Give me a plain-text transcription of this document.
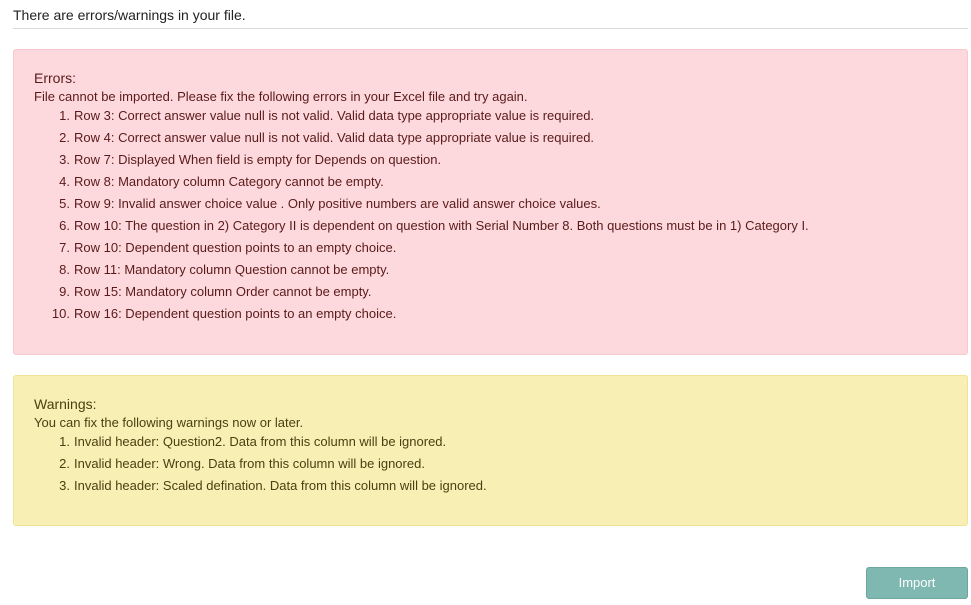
There are errors/warnings in your file.
Errors:
File cannot be imported. Please fix the following errors in your Excel file and try again.
1. Row 3: Correct answer value null is not valid. Valid data type appropriate value is required.
2. Row 4: Correct answer value null is not valid. Valid data type appropriate value is required.
3. Row 7: Displayed When field is empty for Depends on question.
4. Row 8: Mandatory column Category cannot be empty.
5. Row 9: Invalid answer choice value . Only positive numbers are valid answer choice values.
6. Row 10: The question in 2) Category II is dependent on question with Serial Number 8. Both questions must be in 1) Category I.
7. Row 10: Dependent question points to an empty choice.
8. Row 11: Mandatory column Question cannot be empty.
9. Row 15: Mandatory column Order cannot be empty.
10. Row 16: Dependent question points to an empty choice.
Warnings:
You can fix the following warnings now or later.
1. Invalid header: Question2. Data from this column will be ignored.
2. Invalid header: Wrong. Data from this column will be ignored.
3. Invalid header: Scaled defination. Data from this column will be ignored.
Import
